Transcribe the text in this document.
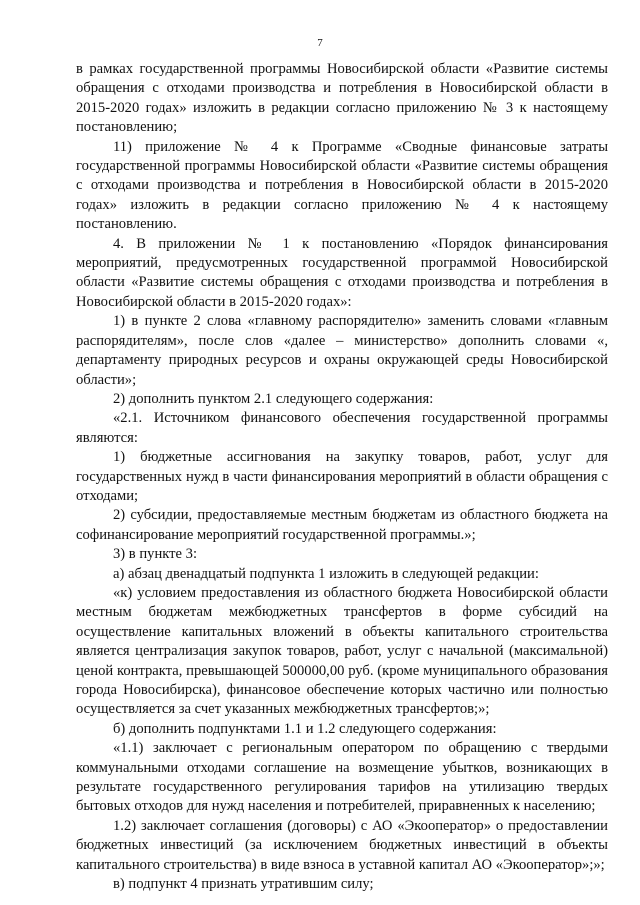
7

в рамках государственной программы Новосибирской области «Развитие системы обращения с отходами производства и потребления в Новосибирской области в 2015-2020 годах» изложить в редакции согласно приложению № 3 к настоящему постановлению;

11) приложение № 4 к Программе «Сводные финансовые затраты государственной программы Новосибирской области «Развитие системы обращения с отходами производства и потребления в Новосибирской области в 2015-2020 годах» изложить в редакции согласно приложению № 4 к настоящему постановлению.

4. В приложении № 1 к постановлению «Порядок финансирования мероприятий, предусмотренных государственной программой Новосибирской области «Развитие системы обращения с отходами производства и потребления в Новосибирской области в 2015-2020 годах»:

1) в пункте 2 слова «главному распорядителю» заменить словами «главным распорядителям», после слов «далее – министерство» дополнить словами «, департаменту природных ресурсов и охраны окружающей среды Новосибирской области»;

2) дополнить пунктом 2.1 следующего содержания:

«2.1. Источником финансового обеспечения государственной программы являются:

1) бюджетные ассигнования на закупку товаров, работ, услуг для государственных нужд в части финансирования мероприятий в области обращения с отходами;

2) субсидии, предоставляемые местным бюджетам из областного бюджета на софинансирование мероприятий государственной программы.»;

3) в пункте 3:

а) абзац двенадцатый подпункта 1 изложить в следующей редакции:

«к) условием предоставления из областного бюджета Новосибирской области местным бюджетам межбюджетных трансфертов в форме субсидий на осуществление капитальных вложений в объекты капитального строительства является централизация закупок товаров, работ, услуг с начальной (максимальной) ценой контракта, превышающей 500000,00 руб. (кроме муниципального образования города Новосибирска), финансовое обеспечение которых частично или полностью осуществляется за счет указанных межбюджетных трансфертов;»;

б) дополнить подпунктами 1.1 и 1.2 следующего содержания:

«1.1) заключает с региональным оператором по обращению с твердыми коммунальными отходами соглашение на возмещение убытков, возникающих в результате государственного регулирования тарифов на утилизацию твердых бытовых отходов для нужд населения и потребителей, приравненных к населению;

1.2) заключает соглашения (договоры) с АО «Экооператор» о предоставлении бюджетных инвестиций (за исключением бюджетных инвестиций в объекты капитального строительства) в виде взноса в уставной капитал АО «Экооператор»;»;

в) подпункт 4 признать утратившим силу;
